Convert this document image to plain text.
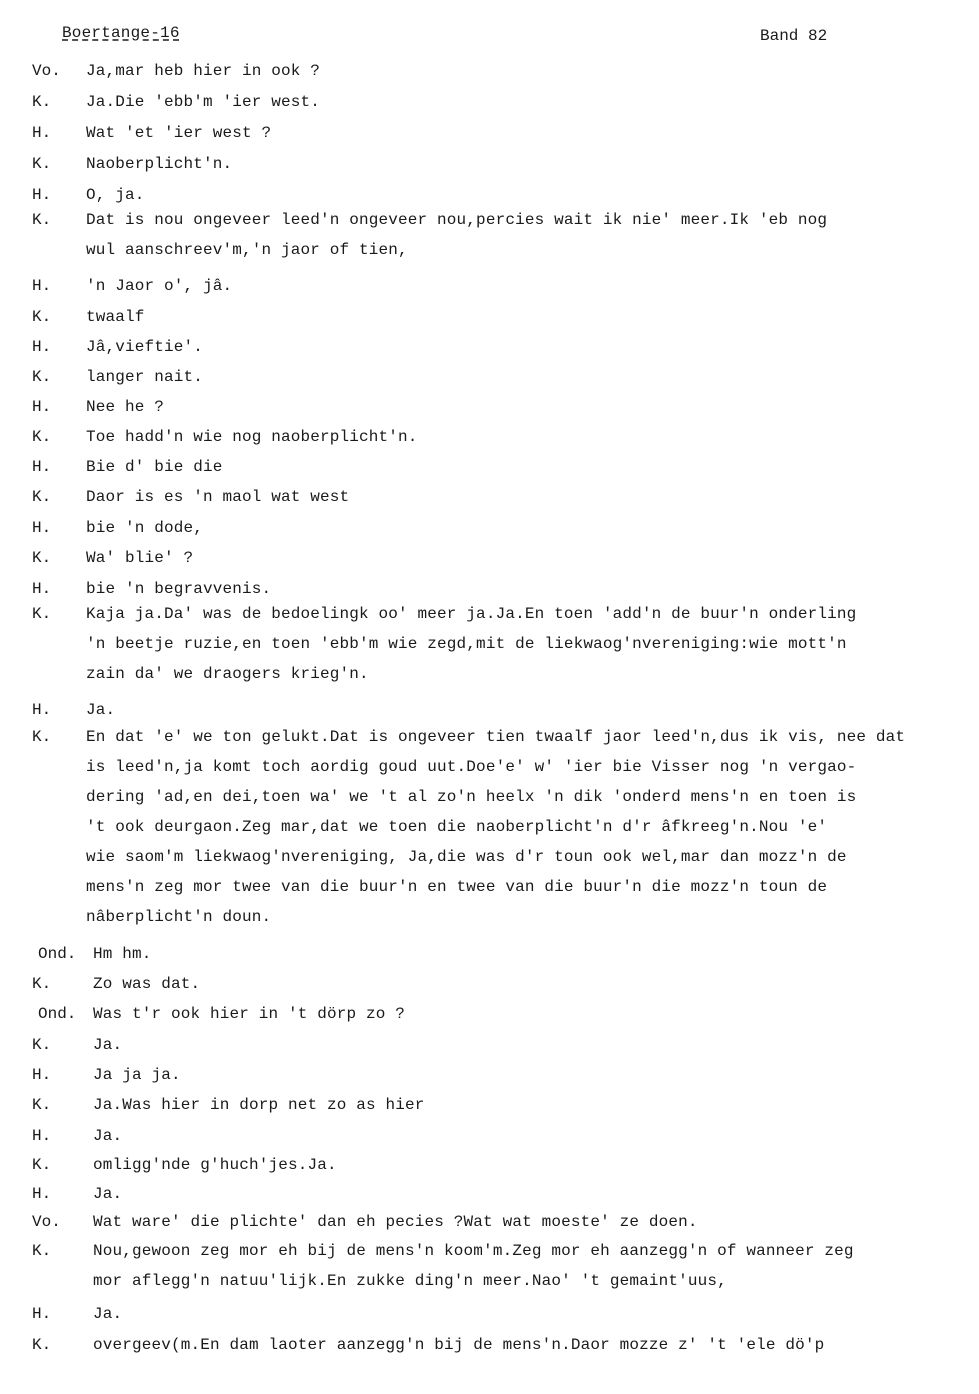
Boertange-16	Band 82
Vo. Ja,mar heb hier in ook ?
K. Ja.Die 'ebb'm 'ier west.
H. Wat 'et 'ier west ?
K. Naoberplicht'n.
H. O, ja.
K. Dat is nou ongeveer leed'n ongeveer nou,percies wait ik nie' meer.Ik 'eb nog
wul aanschreev'm,'n jaor of tien,
H. 'n Jaor o', jâ.
K. twaalf
H. Jâ,vieftie'.
K. langer nait.
H. Nee he ?
K. Toe hadd'n wie nog naoberplicht'n.
H. Bie d' bie die
K. Daor is es 'n maol wat west
H. bie 'n dode,
K. Wa' blie' ?
H. bie 'n begravvenis.
K. Kaja ja.Da' was de bedoelingk oo' meer ja.Ja.En toen 'add'n de buur'n onderling
'n beetje ruzie,en toen 'ebb'm wie zegd,mit de liekwaog'nvereniging:wie mott'n
zain da' we draogers krieg'n.
H. Ja.
K. En dat 'e' we ton gelukt.Dat is ongeveer tien twaalf jaor leed'n,dus ik vis, nee dat
is leed'n,ja komt toch aordig goud uut.Doe'e' w' 'ier bie Visser nog 'n vergao-
dering 'ad,en dei,toen wa' we 't al zo'n heelx 'n dik 'onderd mens'n en toen is
't ook deurgaon.Zeg mar,dat we toen die naoberplicht'n d'r âfkreeg'n.Nou 'e'
wie saom'm liekwaog'nvereniging, Ja,die was d'r toun ook wel,mar dan mozz'n de
mens'n zeg mor twee van die buur'n en twee van die buur'n die mozz'n toun de
nâberplicht'n doun.
Ond. Hm hm.
K.	Zo was dat.
Ond. Was t'r ook hier in 't dörp zo ?
K.	Ja.
H.	Ja ja ja.
K.	Ja.Was hier in dorp net zo as hier
H.	Ja.
K.	omligg'nde g'huch'jes.Ja.
H.	Ja.
Vo. Wat ware' die plichte' dan eh pecies ?Wat wat moeste' ze doen.
K.	Nou,gewoon zeg mor eh bij de mens'n koom'm.Zeg mor eh aanzegg'n of wanneer zeg
mor aflegg'n natuu'lijk.En zukke ding'n meer.Nao' 't gemaint'uus,
H.	Ja.
K.	overgeev(m.En dam laoter aanzegg'n bij de mens'n.Daor mozze z' 't 'ele dö'p
